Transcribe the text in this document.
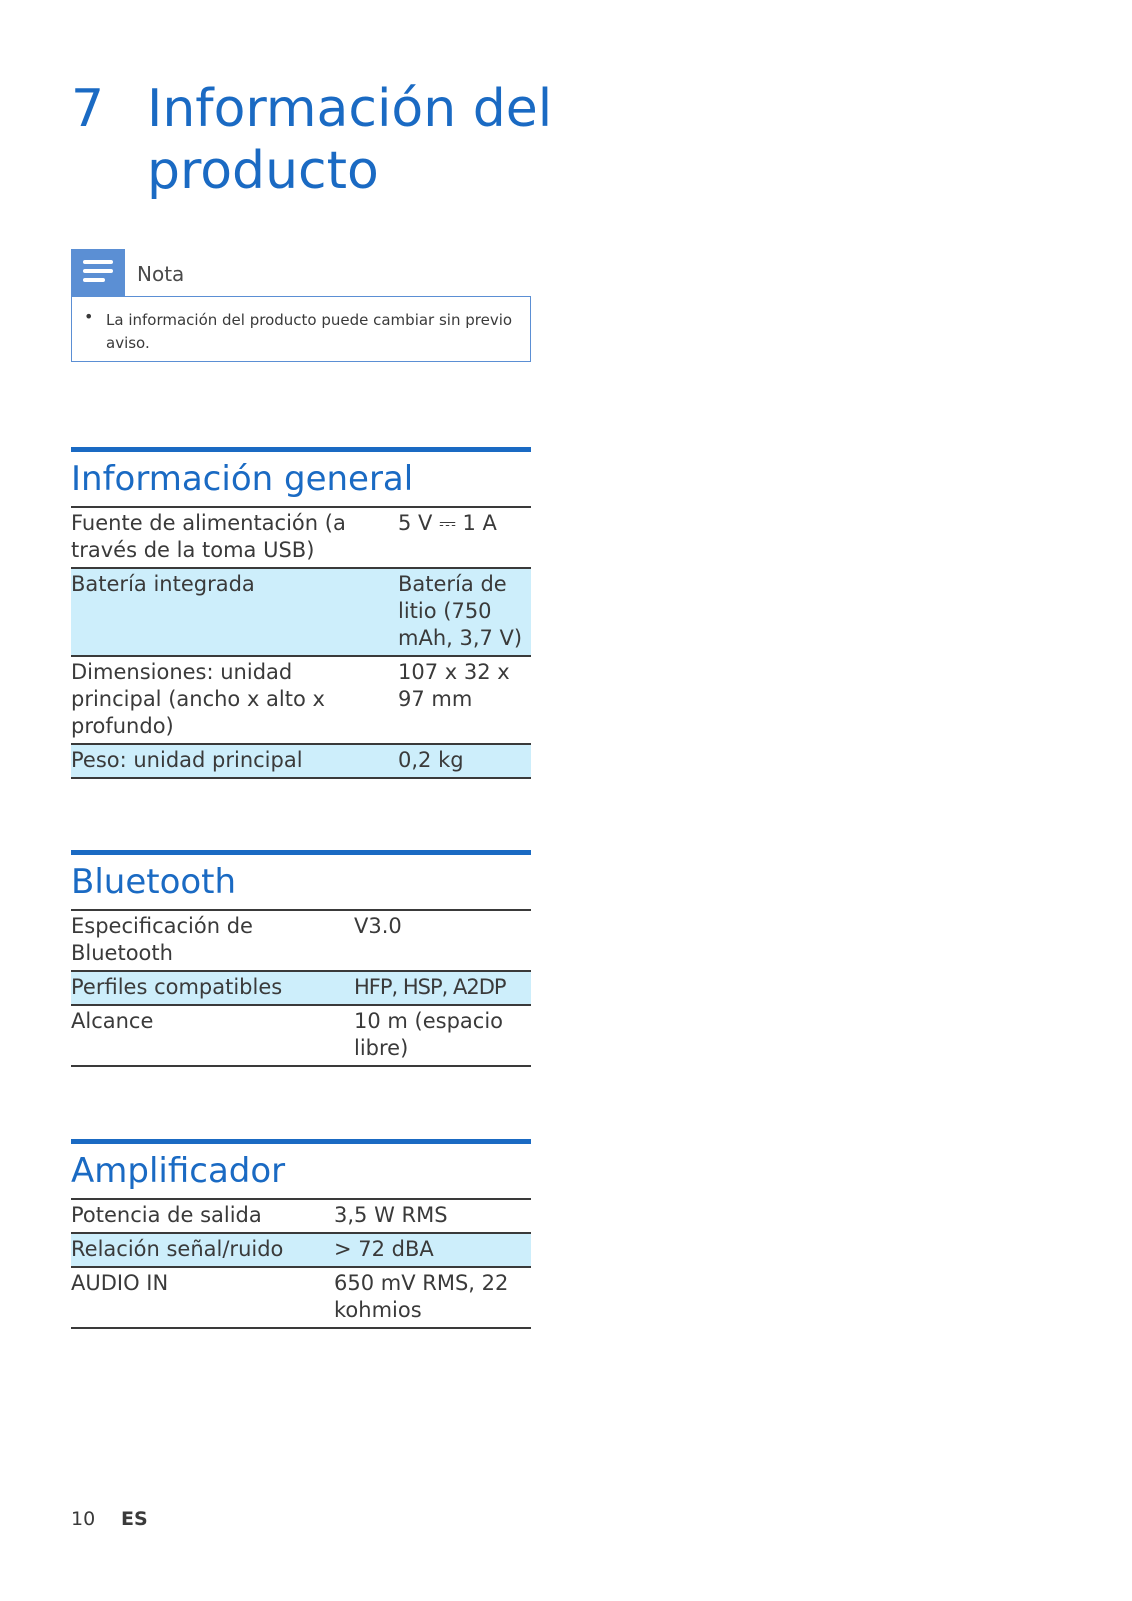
7 Información del producto
Nota
• La información del producto puede cambiar sin previo aviso.
Información general
Fuente de alimentación (a través de la toma USB)	5 V ⎓ 1 A
Batería integrada	Batería de litio (750 mAh, 3,7 V)
Dimensiones: unidad principal (ancho x alto x profundo)	107 x 32 x 97 mm
Peso: unidad principal	0,2 kg
Bluetooth
Especificación de Bluetooth	V3.0
Perfiles compatibles	HFP, HSP, A2DP
Alcance	10 m (espacio libre)
Amplificador
Potencia de salida	3,5 W RMS
Relación señal/ruido	> 72 dBA
AUDIO IN	650 mV RMS, 22 kohmios
10 ES
